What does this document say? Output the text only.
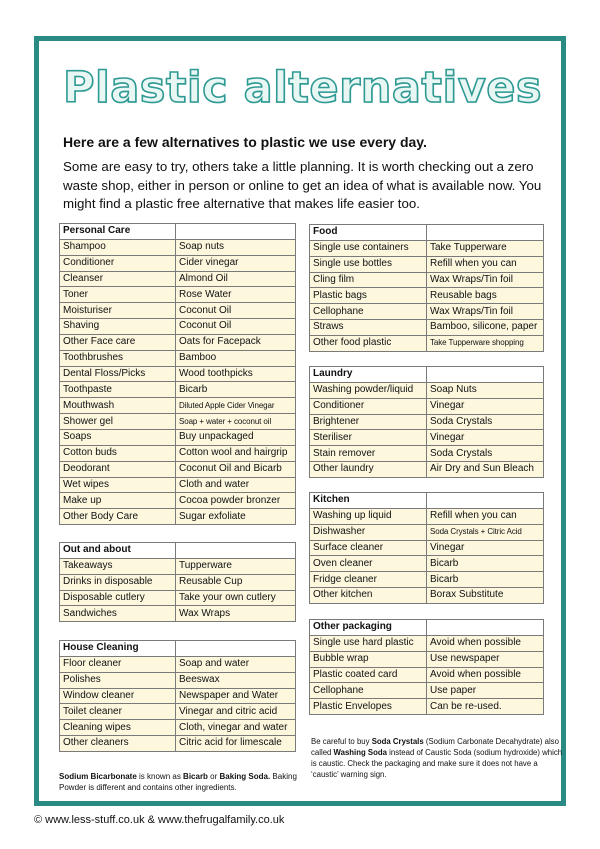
Plastic alternatives
Here are a few alternatives to plastic we use every day.
Some are easy to try, others take a little planning. It is worth checking out a zero waste shop, either in person or online to get an idea of what is available now. You might find a plastic free alternative that makes life easier too.
Personal Care	
Shampoo	Soap nuts
Conditioner	Cider vinegar
Cleanser	Almond Oil
Toner	Rose Water
Moisturiser	Coconut Oil
Shaving	Coconut Oil
Other Face care	Oats for Facepack
Toothbrushes	Bamboo
Dental Floss/Picks	Wood toothpicks
Toothpaste	Bicarb
Mouthwash	Diluted Apple Cider Vinegar
Shower gel	Soap + water + coconut oil
Soaps	Buy unpackaged
Cotton buds	Cotton wool and hairgrip
Deodorant	Coconut Oil and Bicarb
Wet wipes	Cloth and water
Make up	Cocoa powder bronzer
Other Body Care	Sugar exfoliate
Out and about	
Takeaways	Tupperware
Drinks in disposable	Reusable Cup
Disposable cutlery	Take your own cutlery
Sandwiches	Wax Wraps
House Cleaning	
Floor cleaner	Soap and water
Polishes	Beeswax
Window cleaner	Newspaper and Water
Toilet cleaner	Vinegar and citric acid
Cleaning wipes	Cloth, vinegar and water
Other cleaners	Citric acid for limescale
Food	
Single use containers	Take Tupperware
Single use bottles	Refill when you can
Cling film	Wax Wraps/Tin foil
Plastic bags	Reusable bags
Cellophane	Wax Wraps/Tin foil
Straws	Bamboo, silicone, paper
Other food plastic	Take Tupperware shopping
Laundry	
Washing powder/liquid	Soap Nuts
Conditioner	Vinegar
Brightener	Soda Crystals
Steriliser	Vinegar
Stain remover	Soda Crystals
Other laundry	Air Dry and Sun Bleach
Kitchen	
Washing up liquid	Refill when you can
Dishwasher	Soda Crystals + Citric Acid
Surface cleaner	Vinegar
Oven cleaner	Bicarb
Fridge cleaner	Bicarb
Other kitchen	Borax Substitute
Other packaging	
Single use hard plastic	Avoid when possible
Bubble wrap	Use newspaper
Plastic coated card	Avoid when possible
Cellophane	Use paper
Plastic Envelopes	Can be re-used.
Sodium Bicarbonate is known as Bicarb or Baking Soda. Baking Powder is different and contains other ingredients.
Be careful to buy Soda Crystals (Sodium Carbonate Decahydrate) also called Washing Soda instead of Caustic Soda (sodium hydroxide) which is caustic. Check the packaging and make sure it does not have a ‘caustic’ warning sign.
© www.less-stuff.co.uk & www.thefrugalfamily.co.uk
